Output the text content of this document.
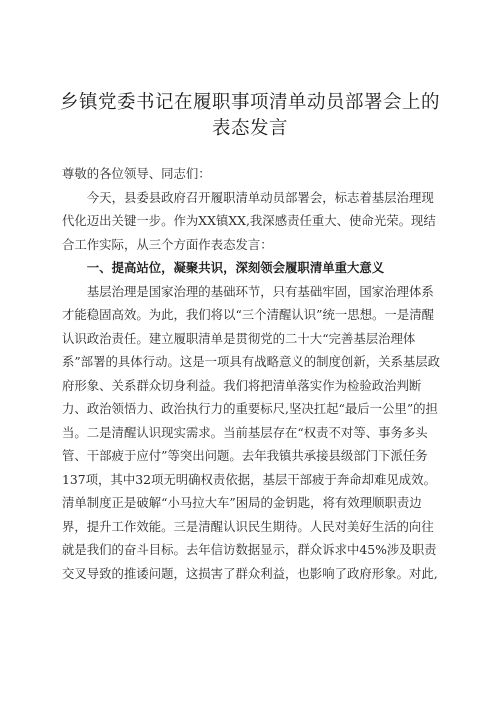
乡镇党委书记在履职事项清单动员部署会上的
表态发言

尊敬的各位领导、同志们：

今天，县委县政府召开履职清单动员部署会，标志着基层治理现代化迈出关键一步。作为XX镇XX,我深感责任重大、使命光荣。现结合工作实际，从三个方面作表态发言：

一、提高站位，凝聚共识，深刻领会履职清单重大意义

基层治理是国家治理的基础环节，只有基础牢固，国家治理体系才能稳固高效。为此，我们将以“三个清醒认识”统一思想。一是清醒认识政治责任。建立履职清单是贯彻党的二十大“完善基层治理体系”部署的具体行动。这是一项具有战略意义的制度创新，关系基层政府形象、关系群众切身利益。我们将把清单落实作为检验政治判断力、政治领悟力、政治执行力的重要标尺,坚决扛起“最后一公里”的担当。二是清醒认识现实需求。当前基层存在“权责不对等、事务多头管、干部疲于应付”等突出问题。去年我镇共承接县级部门下派任务137项，其中32项无明确权责依据，基层干部疲于奔命却难见成效。清单制度正是破解“小马拉大车”困局的金钥匙，将有效理顺职责边界，提升工作效能。三是清醒认识民生期待。人民对美好生活的向往就是我们的奋斗目标。去年信访数据显示，群众诉求中45%涉及职责交叉导致的推诿问题，这损害了群众利益，也影响了政府形象。对此,
